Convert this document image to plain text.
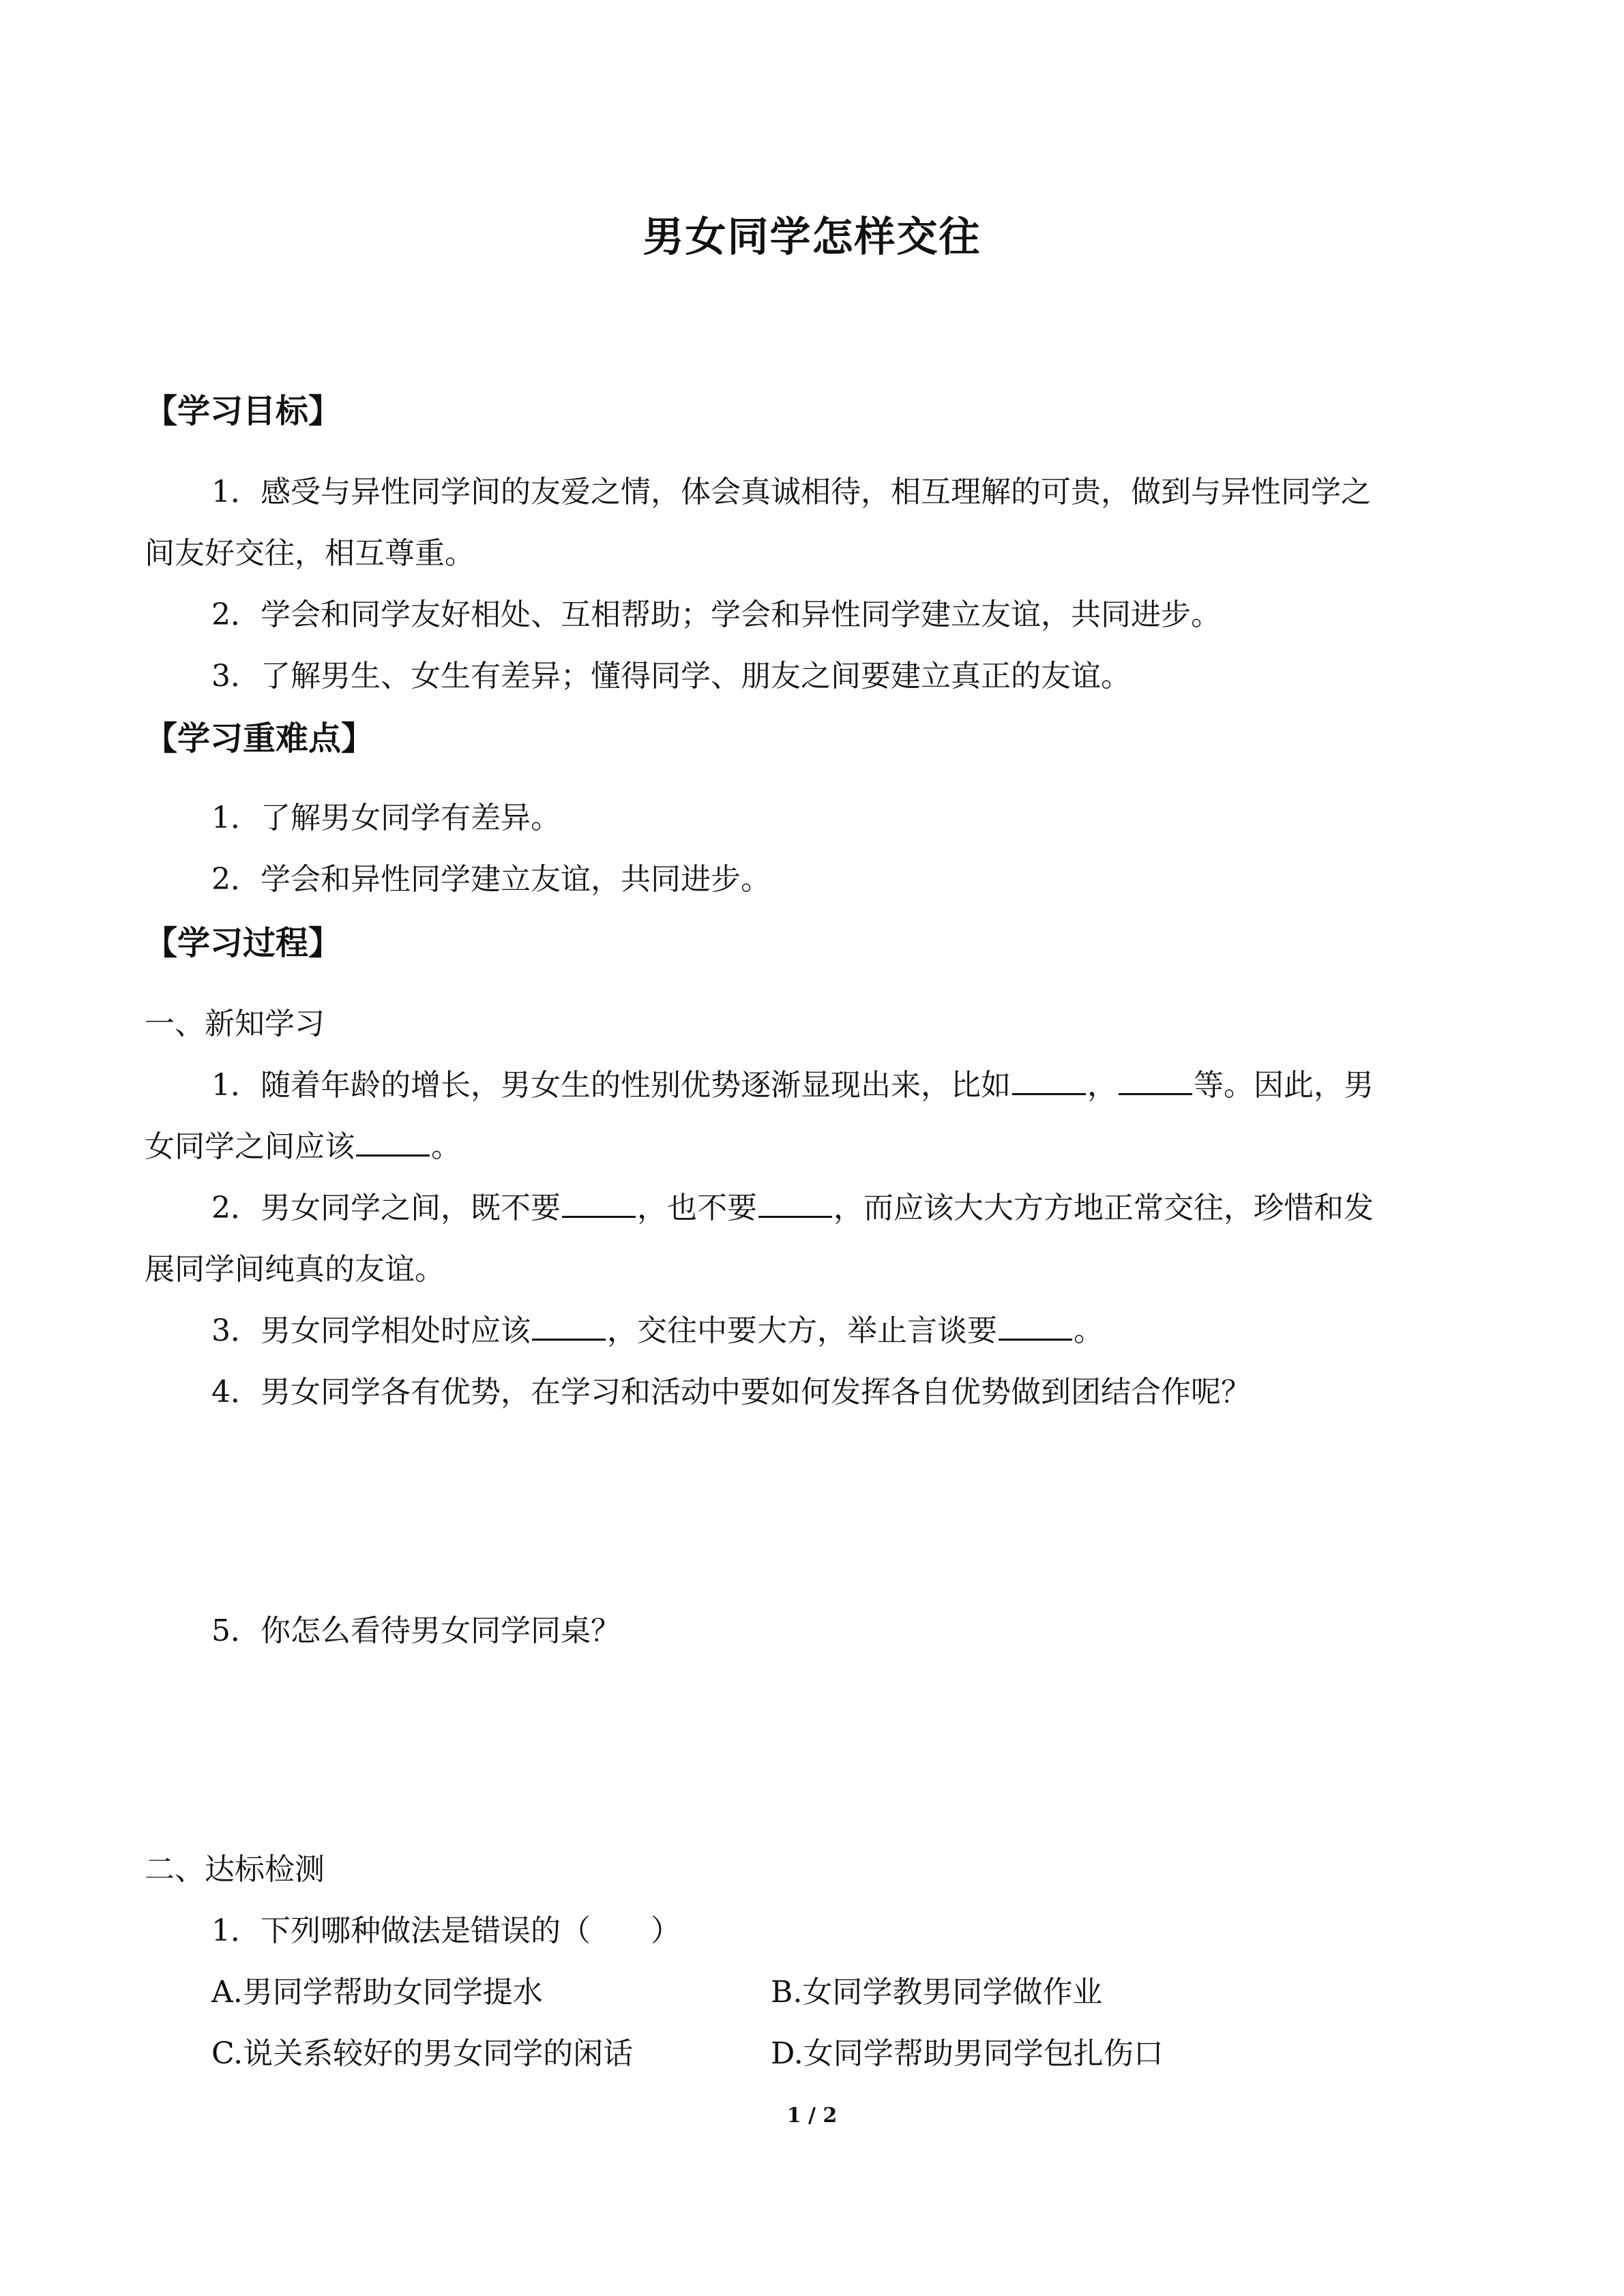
男女同学怎样交往
【学习目标】
1．感受与异性同学间的友爱之情，体会真诚相待，相互理解的可贵，做到与异性同学之
间友好交往，相互尊重。
2．学会和同学友好相处、互相帮助；学会和异性同学建立友谊，共同进步。
3．了解男生、女生有差异；懂得同学、朋友之间要建立真正的友谊。
【学习重难点】
1．了解男女同学有差异。
2．学会和异性同学建立友谊，共同进步。
【学习过程】
一、新知学习
1．随着年龄的增长，男女生的性别优势逐渐显现出来，比如	，	等。因此，男
女同学之间应该	。
2．男女同学之间，既不要	，也不要	，而应该大大方方地正常交往，珍惜和发
展同学间纯真的友谊。
3．男女同学相处时应该	，交往中要大方，举止言谈要	。
4．男女同学各有优势，在学习和活动中要如何发挥各自优势做到团结合作呢？
5．你怎么看待男女同学同桌？
二、达标检测
1．下列哪种做法是错误的（　　）
A.男同学帮助女同学提水	B.女同学教男同学做作业
C.说关系较好的男女同学的闲话	D.女同学帮助男同学包扎伤口
1 / 2
